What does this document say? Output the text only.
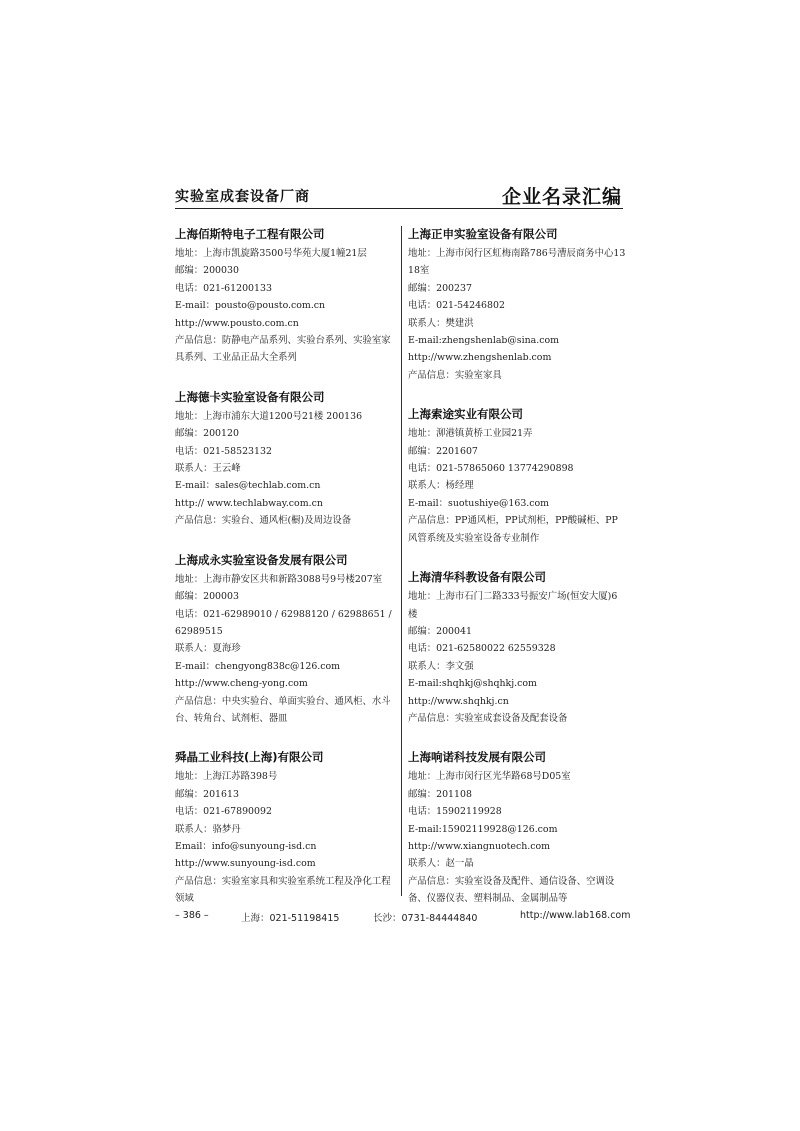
实验室成套设备厂商	企业名录汇编
上海佰斯特电子工程有限公司
地址：上海市凯旋路3500号华苑大厦1幢21层
邮编：200030
电话：021-61200133
E-mail：pousto@pousto.com.cn
http://www.pousto.com.cn
产品信息：防静电产品系列、实验台系列、实验室家具系列、工业品正品大全系列
上海德卡实验室设备有限公司
地址：上海市浦东大道1200号21楼 200136
邮编：200120
电话：021-58523132
联系人：王云峰
E-mail：sales@techlab.com.cn
http:// www.techlabway.com.cn
产品信息：实验台、通风柜(橱)及周边设备
上海成永实验室设备发展有限公司
地址：上海市静安区共和新路3088号9号楼207室
邮编：200003
电话：021-62989010 / 62988120 / 62988651 / 62989515
联系人：夏海珍
E-mail：chengyong838c@126.com
http://www.cheng-yong.com
产品信息：中央实验台、单面实验台、通风柜、水斗台、转角台、试剂柜、器皿
舜晶工业科技(上海)有限公司
地址：上海江苏路398号
邮编：201613
电话：021-67890092
联系人：骆梦丹
Email：info@sunyoung-isd.cn
http://www.sunyoung-isd.com
产品信息：实验室家具和实验室系统工程及净化工程领域
上海正申实验室设备有限公司
地址：上海市闵行区虹梅南路786号漕辰商务中心1318室
邮编：200237
电话：021-54246802
联系人：樊建洪
E-mail:zhengshenlab@sina.com
http://www.zhengshenlab.com
产品信息：实验室家具
上海索途实业有限公司
地址：泖港镇黄桥工业园21弄
邮编：2201607
电话：021-57865060 13774290898
联系人：杨经理
E-mail：suotushiye@163.com
产品信息：PP通风柜，PP试剂柜，PP酸碱柜、PP风管系统及实验室设备专业制作
上海清华科教设备有限公司
地址：上海市石门二路333号振安广场(恒安大厦)6楼
邮编：200041
电话：021-62580022 62559328
联系人：李文强
E-mail:shqhkj@shqhkj.com
http://www.shqhkj.cn
产品信息：实验室成套设备及配套设备
上海响诺科技发展有限公司
地址：上海市闵行区光华路68号D05室
邮编：201108
电话：15902119928
E-mail:15902119928@126.com
http://www.xiangnuotech.com
联系人：赵一晶
产品信息：实验室设备及配件、通信设备、空调设备、仪器仪表、塑料制品、金属制品等
– 386 –	上海：021-51198415	长沙：0731-84444840	http://www.lab168.com
